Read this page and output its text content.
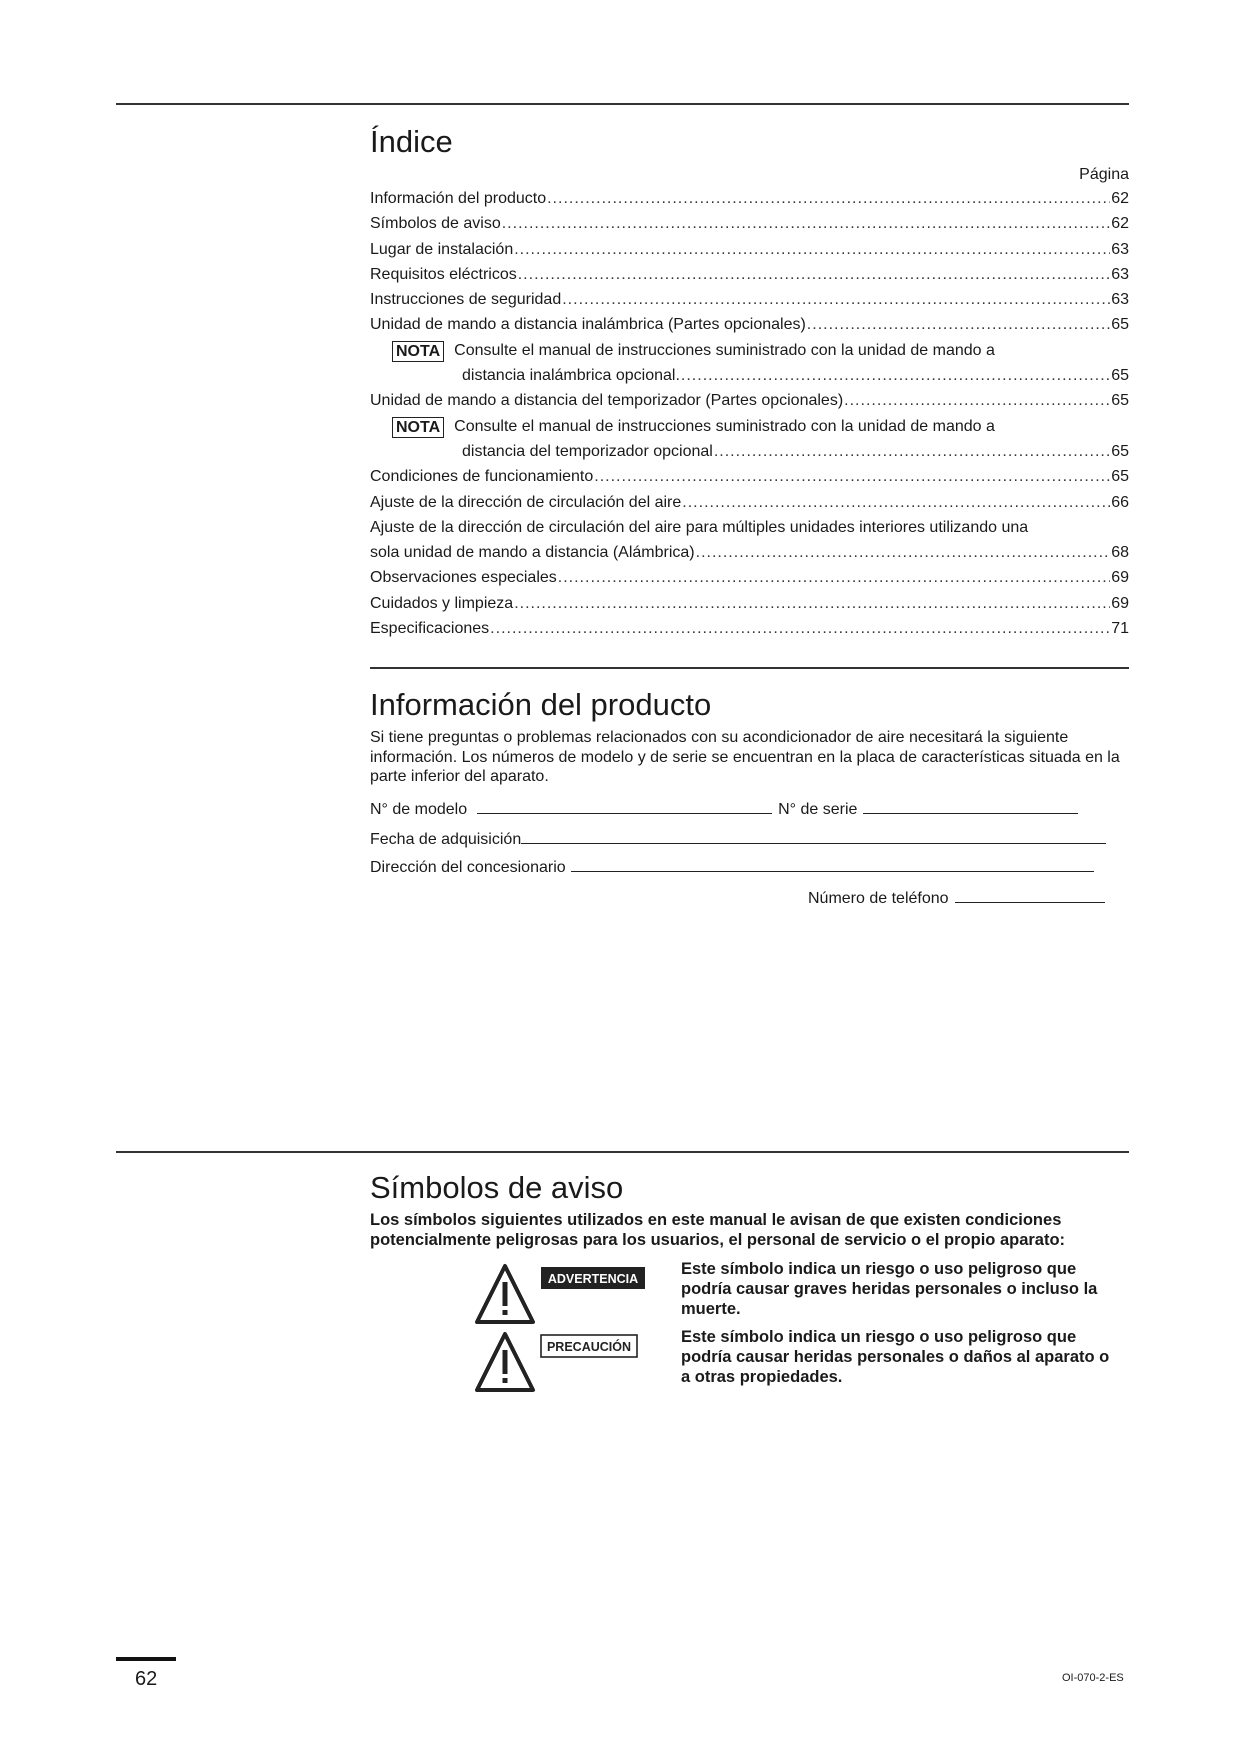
Índice
Página
Información del producto .....	62
Símbolos de aviso .....	62
Lugar de instalación .....	63
Requisitos eléctricos .....	63
Instrucciones de seguridad .....	63
Unidad de mando a distancia inalámbrica (Partes opcionales) .....	65
NOTA Consulte el manual de instrucciones suministrado con la unidad de mando a
distancia inalámbrica opcional. .....	65
Unidad de mando a distancia del temporizador (Partes opcionales) .....	65
NOTA Consulte el manual de instrucciones suministrado con la unidad de mando a
distancia del temporizador opcional .....	65
Condiciones de funcionamiento .....	65
Ajuste de la dirección de circulación del aire .....	66
Ajuste de la dirección de circulación del aire para múltiples unidades interiores utilizando una
sola unidad de mando a distancia (Alámbrica) .....	68
Observaciones especiales .....	69
Cuidados y limpieza .....	69
Especificaciones .....	71
Información del producto
Si tiene preguntas o problemas relacionados con su acondicionador de aire necesitará la siguiente información. Los números de modelo y de serie se encuentran en la placa de características situada en la parte inferior del aparato.
N° de modelo	N° de serie
Fecha de adquisición
Dirección del concesionario
Número de teléfono
Símbolos de aviso
Los símbolos siguientes utilizados en este manual le avisan de que existen condiciones potencialmente peligrosas para los usuarios, el personal de servicio o el propio aparato:
ADVERTENCIA
Este símbolo indica un riesgo o uso peligroso que podría causar graves heridas personales o incluso la muerte.
PRECAUCIÓN
Este símbolo indica un riesgo o uso peligroso que podría causar heridas personales o daños al aparato o a otras propiedades.
62	OI-070-2-ES
